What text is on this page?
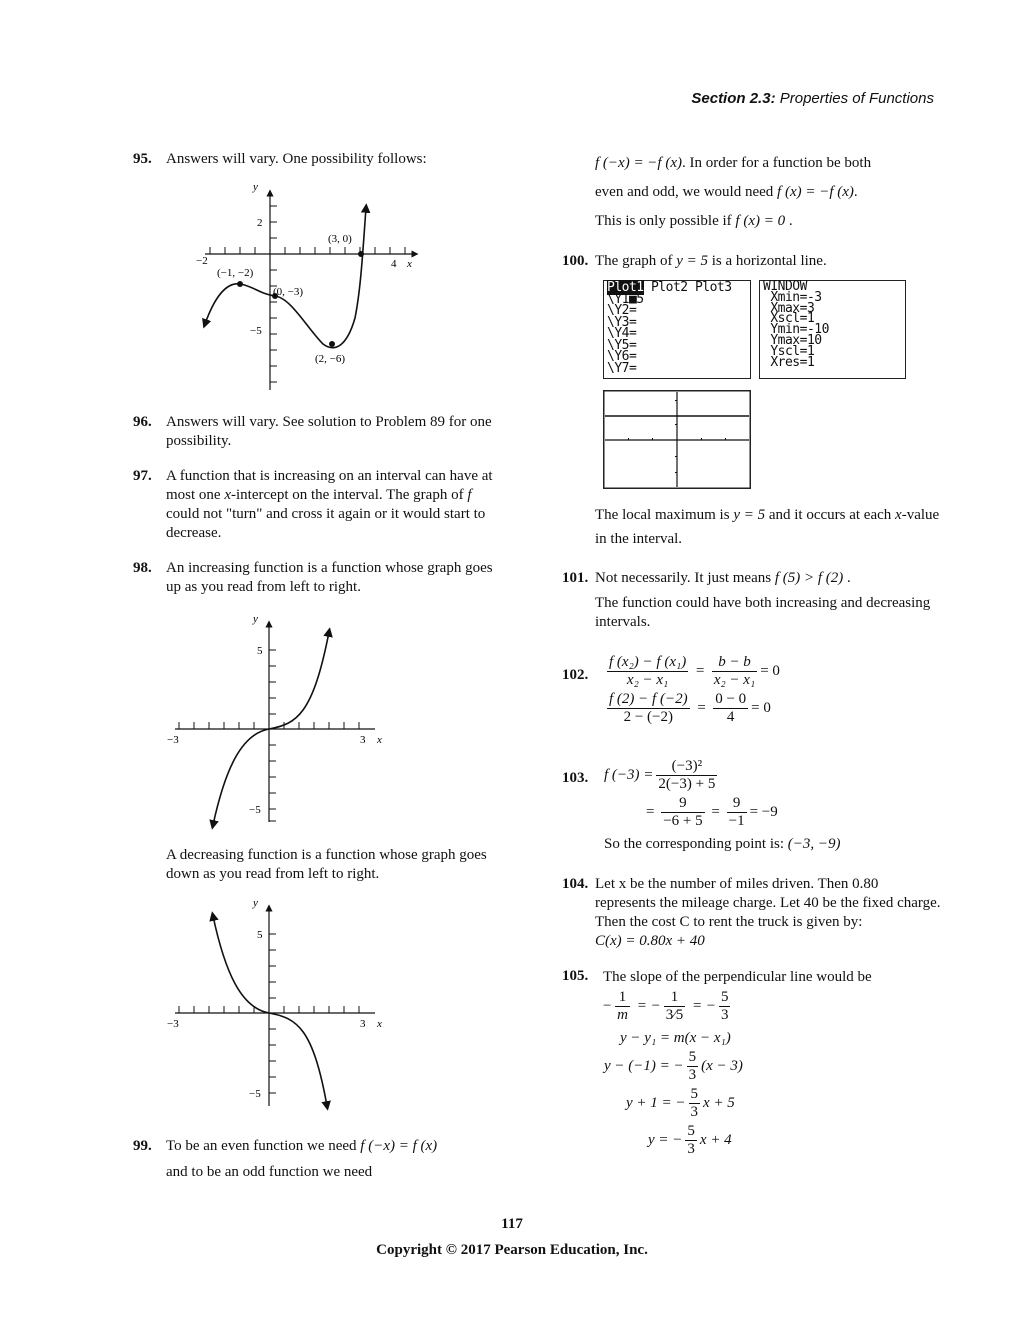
Section 2.3: Properties of Functions
95. Answers will vary. One possibility follows:
y
x
−2	4
2
−5
(3, 0)
(−1, −2)
(0, −3)
(2, −6)
96. Answers will vary. See solution to Problem 89 for one possibility.
97. A function that is increasing on an interval can have at most one x-intercept on the interval. The graph of f could not "turn" and cross it again or it would start to decrease.
98. An increasing function is a function whose graph goes up as you read from left to right.
y
x
−3	3
5
−5
A decreasing function is a function whose graph goes down as you read from left to right.
y
x
−3	3
5
−5
99. To be an even function we need f (−x) = f (x)
and to be an odd function we need
f (−x) = −f (x). In order for a function be both
even and odd, we would need f (x) = −f (x).
This is only possible if f (x) = 0 .
100. The graph of y = 5 is a horizontal line.
Plot1 Plot2 Plot3
\Y1■5
\Y2=
\Y3=
\Y4=
\Y5=
\Y6=
\Y7=
WINDOW
Xmin=-3
Xmax=3
Xscl=1
Ymin=-10
Ymax=10
Yscl=1
Xres=1
The local maximum is y = 5 and it occurs at each x-value in the interval.
101. Not necessarily. It just means f (5) > f (2) .
The function could have both increasing and decreasing intervals.
102. $\frac{\text{f (x₂) − f (x₁)}}{\text{x₂ − x₁}} = \frac{b - b}{\text{x₂ − x₁}} = 0$
$\frac{f (2) - f (-2)}{2 - (-2)} = \frac{0 - 0}{4} = 0$
103. f $(-3) = \frac{\text{(−3)²}}{2(-3) + 5}$
= $\frac{9}{-6 + 5} = \frac{9}{-1} = -9$
So the corresponding point is: (−3, −9)
104. Let x be the number of miles driven. Then 0.80 represents the mileage charge. Let 40 be the fixed charge. Then the cost C to rent the truck is given by: C(x) = 0.80x + 40
105. The slope of the perpendicular line would be
− $\frac{1}{m}$ = − $\frac{1}{3⁄5}$ = − $\frac{5}{3}$
y − y₁ = m(x − x₁)
y − (−1) = − $\frac{5}{3} (x - 3)$
y + 1 = − $\frac{5}{3}$ x + 5
y = − $\frac{5}{3}$ x + 4
117
Copyright © 2017 Pearson Education, Inc.
